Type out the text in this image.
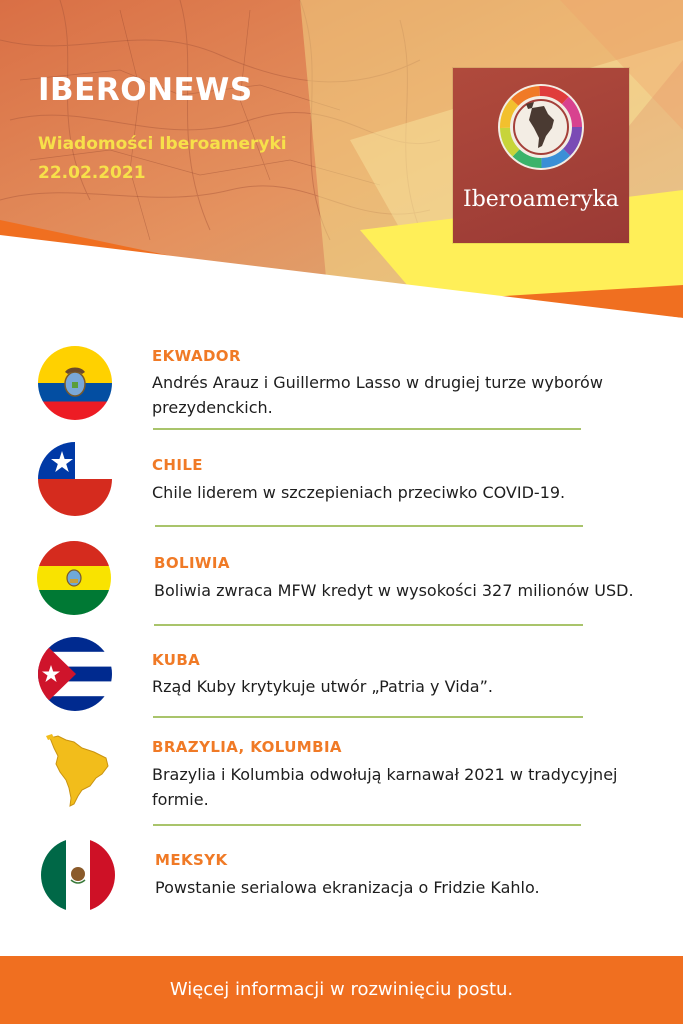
IBERONEWS
Wiadomości Iberoameryki
22.02.2021
Iberoameryka
EKWADOR
Andrés Arauz i Guillermo Lasso w drugiej turze wyborów prezydenckich.
CHILE
Chile liderem w szczepieniach przeciwko COVID-19.
BOLIWIA
Boliwia zwraca MFW kredyt w wysokości 327 milionów USD.
KUBA
Rząd Kuby krytykuje utwór „Patria y Vida”.
BRAZYLIA, KOLUMBIA
Brazylia i Kolumbia odwołują karnawał 2021 w tradycyjnej formie.
MEKSYK
Powstanie serialowa ekranizacja o Fridzie Kahlo.
Więcej informacji w rozwinięciu postu.
